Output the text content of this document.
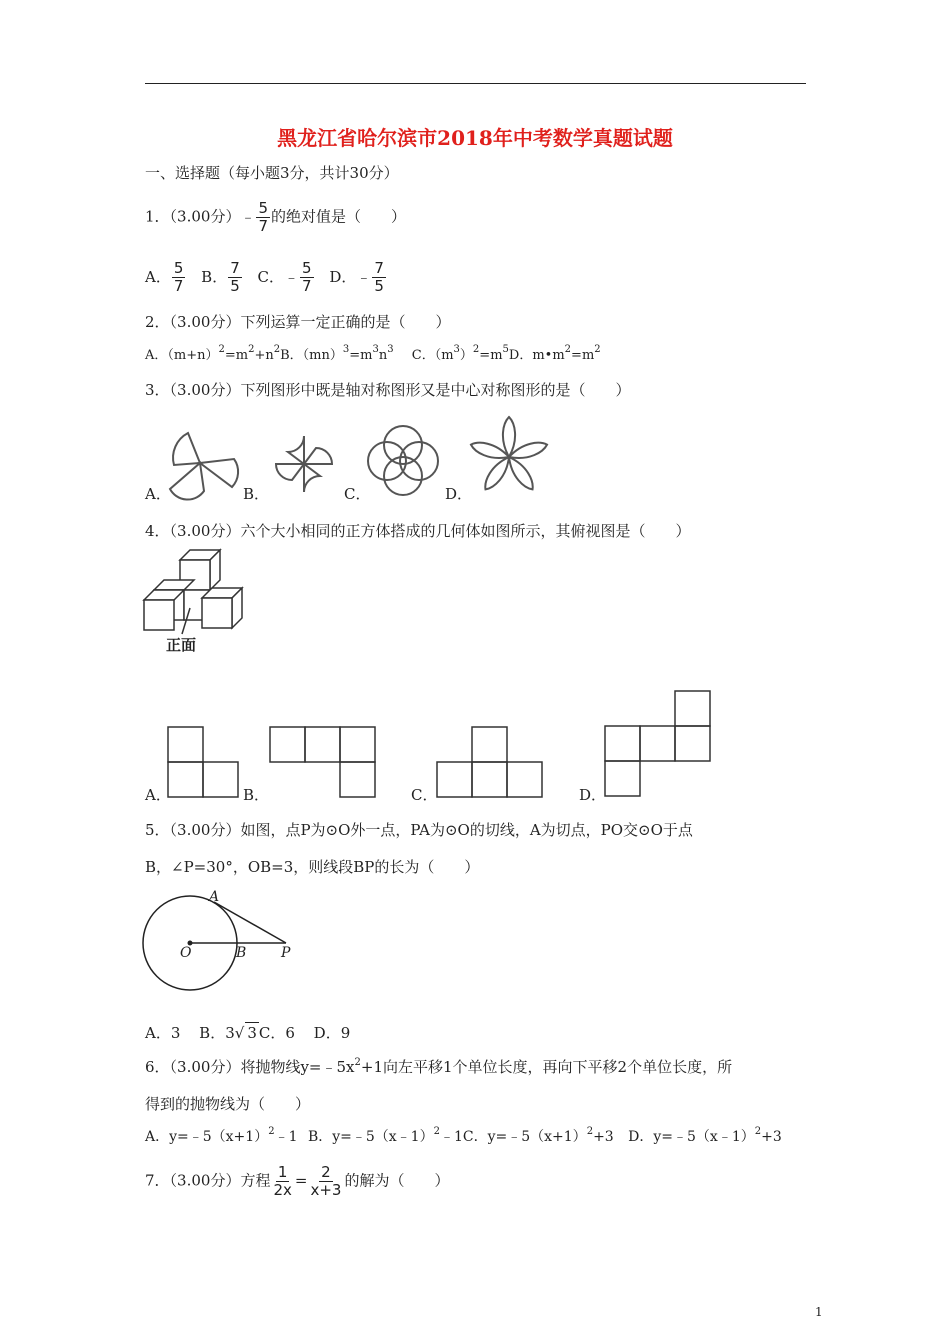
黑龙江省哈尔滨市2018年中考数学真题试题
一、选择题（每小题3分，共计30分）
1．（3.00分）﹣ $\frac{5}{7}$ 的绝对值是（　　）
A． $\frac{5}{7}$ B． $\frac{7}{5}$ C．﹣ $\frac{5}{7}$ D．﹣ $\frac{7}{5}$
2．（3.00分）下列运算一定正确的是（　　）
A．$(m+n)^2=m^2+n^2B$．$(mn)^3=m^3n^3$ C．$(m^3)^2=m^5D$．$m•m^2=m^2$
3．（3.00分）下列图形中既是轴对称图形又是中心对称图形的是（　　）
A．	B．	C．	D．
4．（3.00分）六个大小相同的正方体搭成的几何体如图所示，其俯视图是（　　）
正面
A．	B．	C．	D．
5．（3.00分）如图，点P为⊙O外一点，PA为⊙O的切线，A为切点，PO交⊙O于点
B，∠P=30°，OB=3，则线段BP的长为（　　）
A
O	B P
A．3 B．3√ 3 C．6 D．9
6．（3.00分）将抛物线$y=﹣5x^2+1$向左平移1个单位长度，再向下平移2个单位长度，所
得到的抛物线为（　　）
A．$y=﹣5(x+1)^2﹣1$ B．y=﹣5（x﹣1）$^2$﹣1C．$y=﹣5(x+1)^2+3$ D．y=﹣5（x﹣1）$^2$+3
7．（3.00分）方程 $\frac{1}{2x} = \frac{2}{x+3}$ 的解为（　　）
1
